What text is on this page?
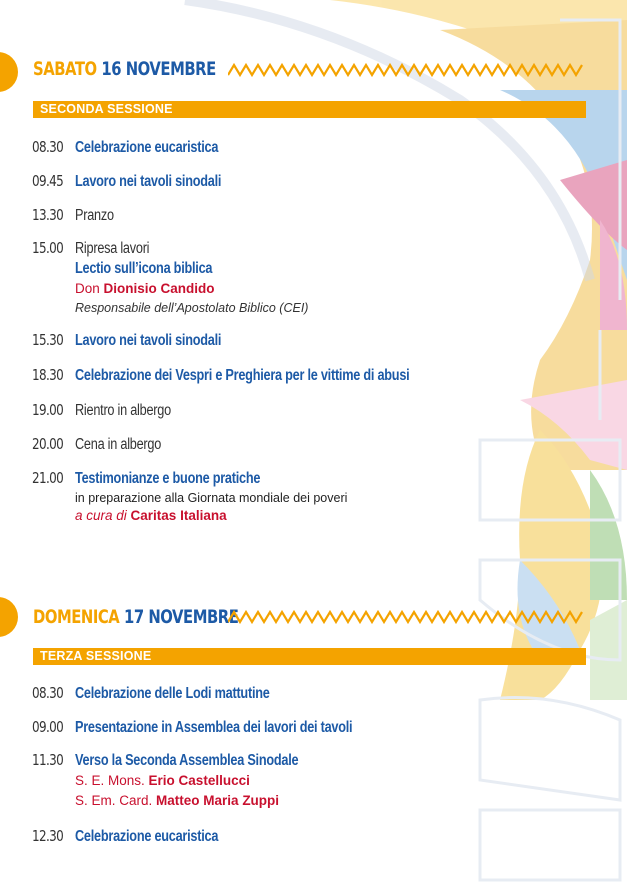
SABATO 16 NOVEMBRE
SECONDA SESSIONE
08.30 Celebrazione eucaristica
09.45 Lavoro nei tavoli sinodali
13.30 Pranzo
15.00 Ripresa lavori
Lectio sull’icona biblica
Don Dionisio Candido
Responsabile dell’Apostolato Biblico (CEI)
15.30 Lavoro nei tavoli sinodali
18.30 Celebrazione dei Vespri e Preghiera per le vittime di abusi
19.00 Rientro in albergo
20.00 Cena in albergo
21.00 Testimonianze e buone pratiche
in preparazione alla Giornata mondiale dei poveri
a cura di Caritas Italiana
DOMENICA 17 NOVEMBRE
TERZA SESSIONE
08.30 Celebrazione delle Lodi mattutine
09.00 Presentazione in Assemblea dei lavori dei tavoli
11.30 Verso la Seconda Assemblea Sinodale
S. E. Mons. Erio Castellucci
S. Em. Card. Matteo Maria Zuppi
12.30 Celebrazione eucaristica
